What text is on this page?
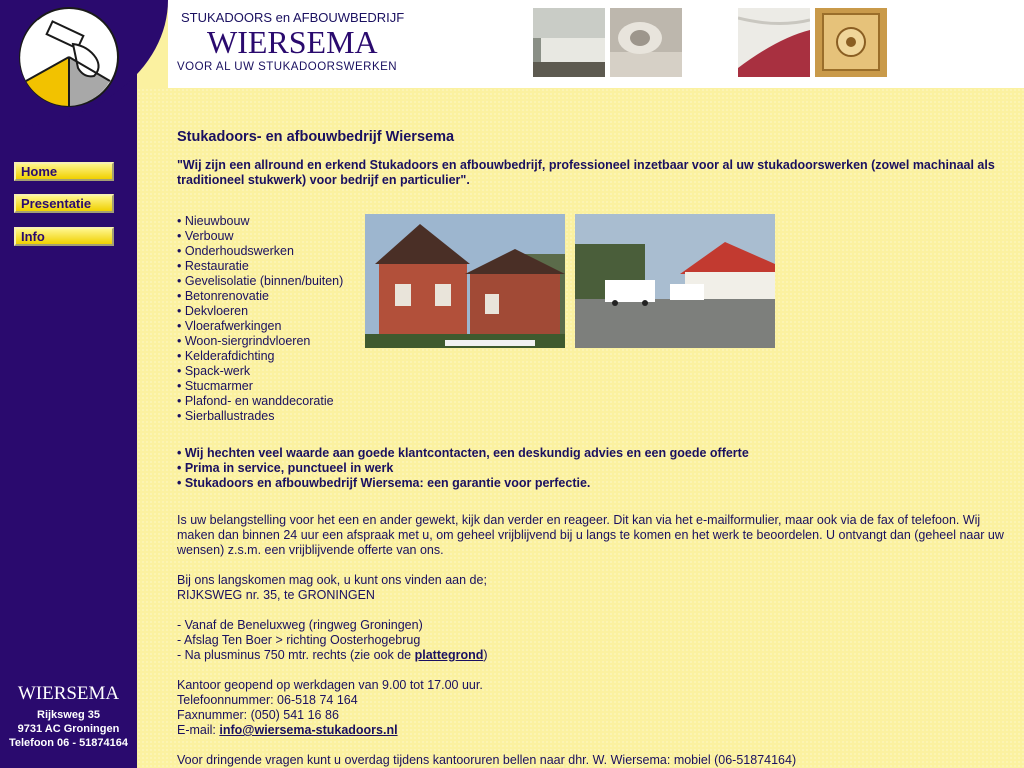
Home
Presentatie
Info
WIERSEMA
Rijksweg 35
9731 AC Groningen
Telefoon 06 - 51874164
STUKADOORS en AFBOUWBEDRIJF
WIERSEMA
VOOR AL UW STUKADOORSWERKEN
Stukadoors- en afbouwbedrijf Wiersema
"Wij zijn een allround en erkend Stukadoors en afbouwbedrijf, professioneel inzetbaar voor al uw stukadoorswerken (zowel machinaal als traditioneel stukwerk) voor bedrijf en particulier".
• Wij hechten veel waarde aan goede klantcontacten, een deskundig advies en een goede offerte
• Prima in service, punctueel in werk
• Stukadoors en afbouwbedrijf Wiersema: een garantie voor perfectie.
Is uw belangstelling voor het een en ander gewekt, kijk dan verder en reageer. Dit kan via het e-mailformulier, maar ook via de fax of telefoon. Wij maken dan binnen 24 uur een afspraak met u, om geheel vrijblijvend bij u langs te komen en het werk te beoordelen. U ontvangt dan (geheel naar uw wensen) z.s.m. een vrijblijvende offerte van ons.
Bij ons langskomen mag ook, u kunt ons vinden aan de;
RIJKSWEG nr. 35, te GRONINGEN
- Vanaf de Beneluxweg (ringweg Groningen)
- Afslag Ten Boer > richting Oosterhogebrug
- Na plusminus 750 mtr. rechts (zie ook de plattegrond)
Kantoor geopend op werkdagen van 9.00 tot 17.00 uur.
Telefoonnummer: 06-518 74 164
Faxnummer: (050) 541 16 86
E-mail: info@wiersema-stukadoors.nl
Voor dringende vragen kunt u overdag tijdens kantooruren bellen naar dhr. W. Wiersema: mobiel (06-51874164)
• Nieuwbouw
• Verbouw
• Onderhoudswerken
• Restauratie
• Gevelisolatie (binnen/buiten)
• Betonrenovatie
• Dekvloeren
• Vloerafwerkingen
• Woon-siergrindvloeren
• Kelderafdichting
• Spack-werk
• Stucmarmer
• Plafond- en wanddecoratie
• Sierballustrades
